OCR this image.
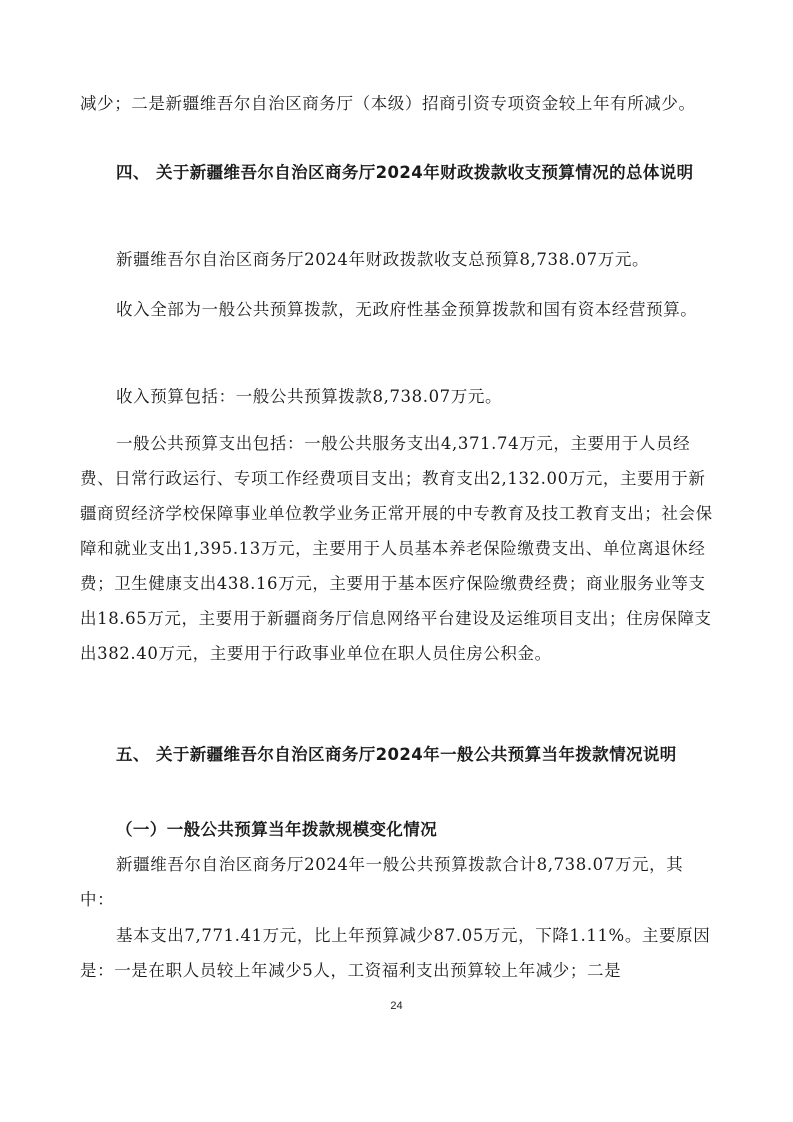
减少；二是新疆维吾尔自治区商务厅（本级）招商引资专项资金较上年有所减少。
四、 关于新疆维吾尔自治区商务厅2024年财政拨款收支预算情况的总体说明
新疆维吾尔自治区商务厅2024年财政拨款收支总预算8,738.07万元。
收入全部为一般公共预算拨款，无政府性基金预算拨款和国有资本经营预算。
收入预算包括：一般公共预算拨款8,738.07万元。
一般公共预算支出包括：一般公共服务支出4,371.74万元，主要用于人员经费、日常行政运行、专项工作经费项目支出；教育支出2,132.00万元，主要用于新疆商贸经济学校保障事业单位教学业务正常开展的中专教育及技工教育支出；社会保障和就业支出1,395.13万元，主要用于人员基本养老保险缴费支出、单位离退休经费；卫生健康支出438.16万元，主要用于基本医疗保险缴费经费；商业服务业等支出18.65万元，主要用于新疆商务厅信息网络平台建设及运维项目支出；住房保障支出382.40万元，主要用于行政事业单位在职人员住房公积金。
五、 关于新疆维吾尔自治区商务厅2024年一般公共预算当年拨款情况说明
（一）一般公共预算当年拨款规模变化情况
新疆维吾尔自治区商务厅2024年一般公共预算拨款合计8,738.07万元，其中：
基本支出7,771.41万元，比上年预算减少87.05万元，下降1.11%。主要原因是：一是在职人员较上年减少5人，工资福利支出预算较上年减少；二是
24
